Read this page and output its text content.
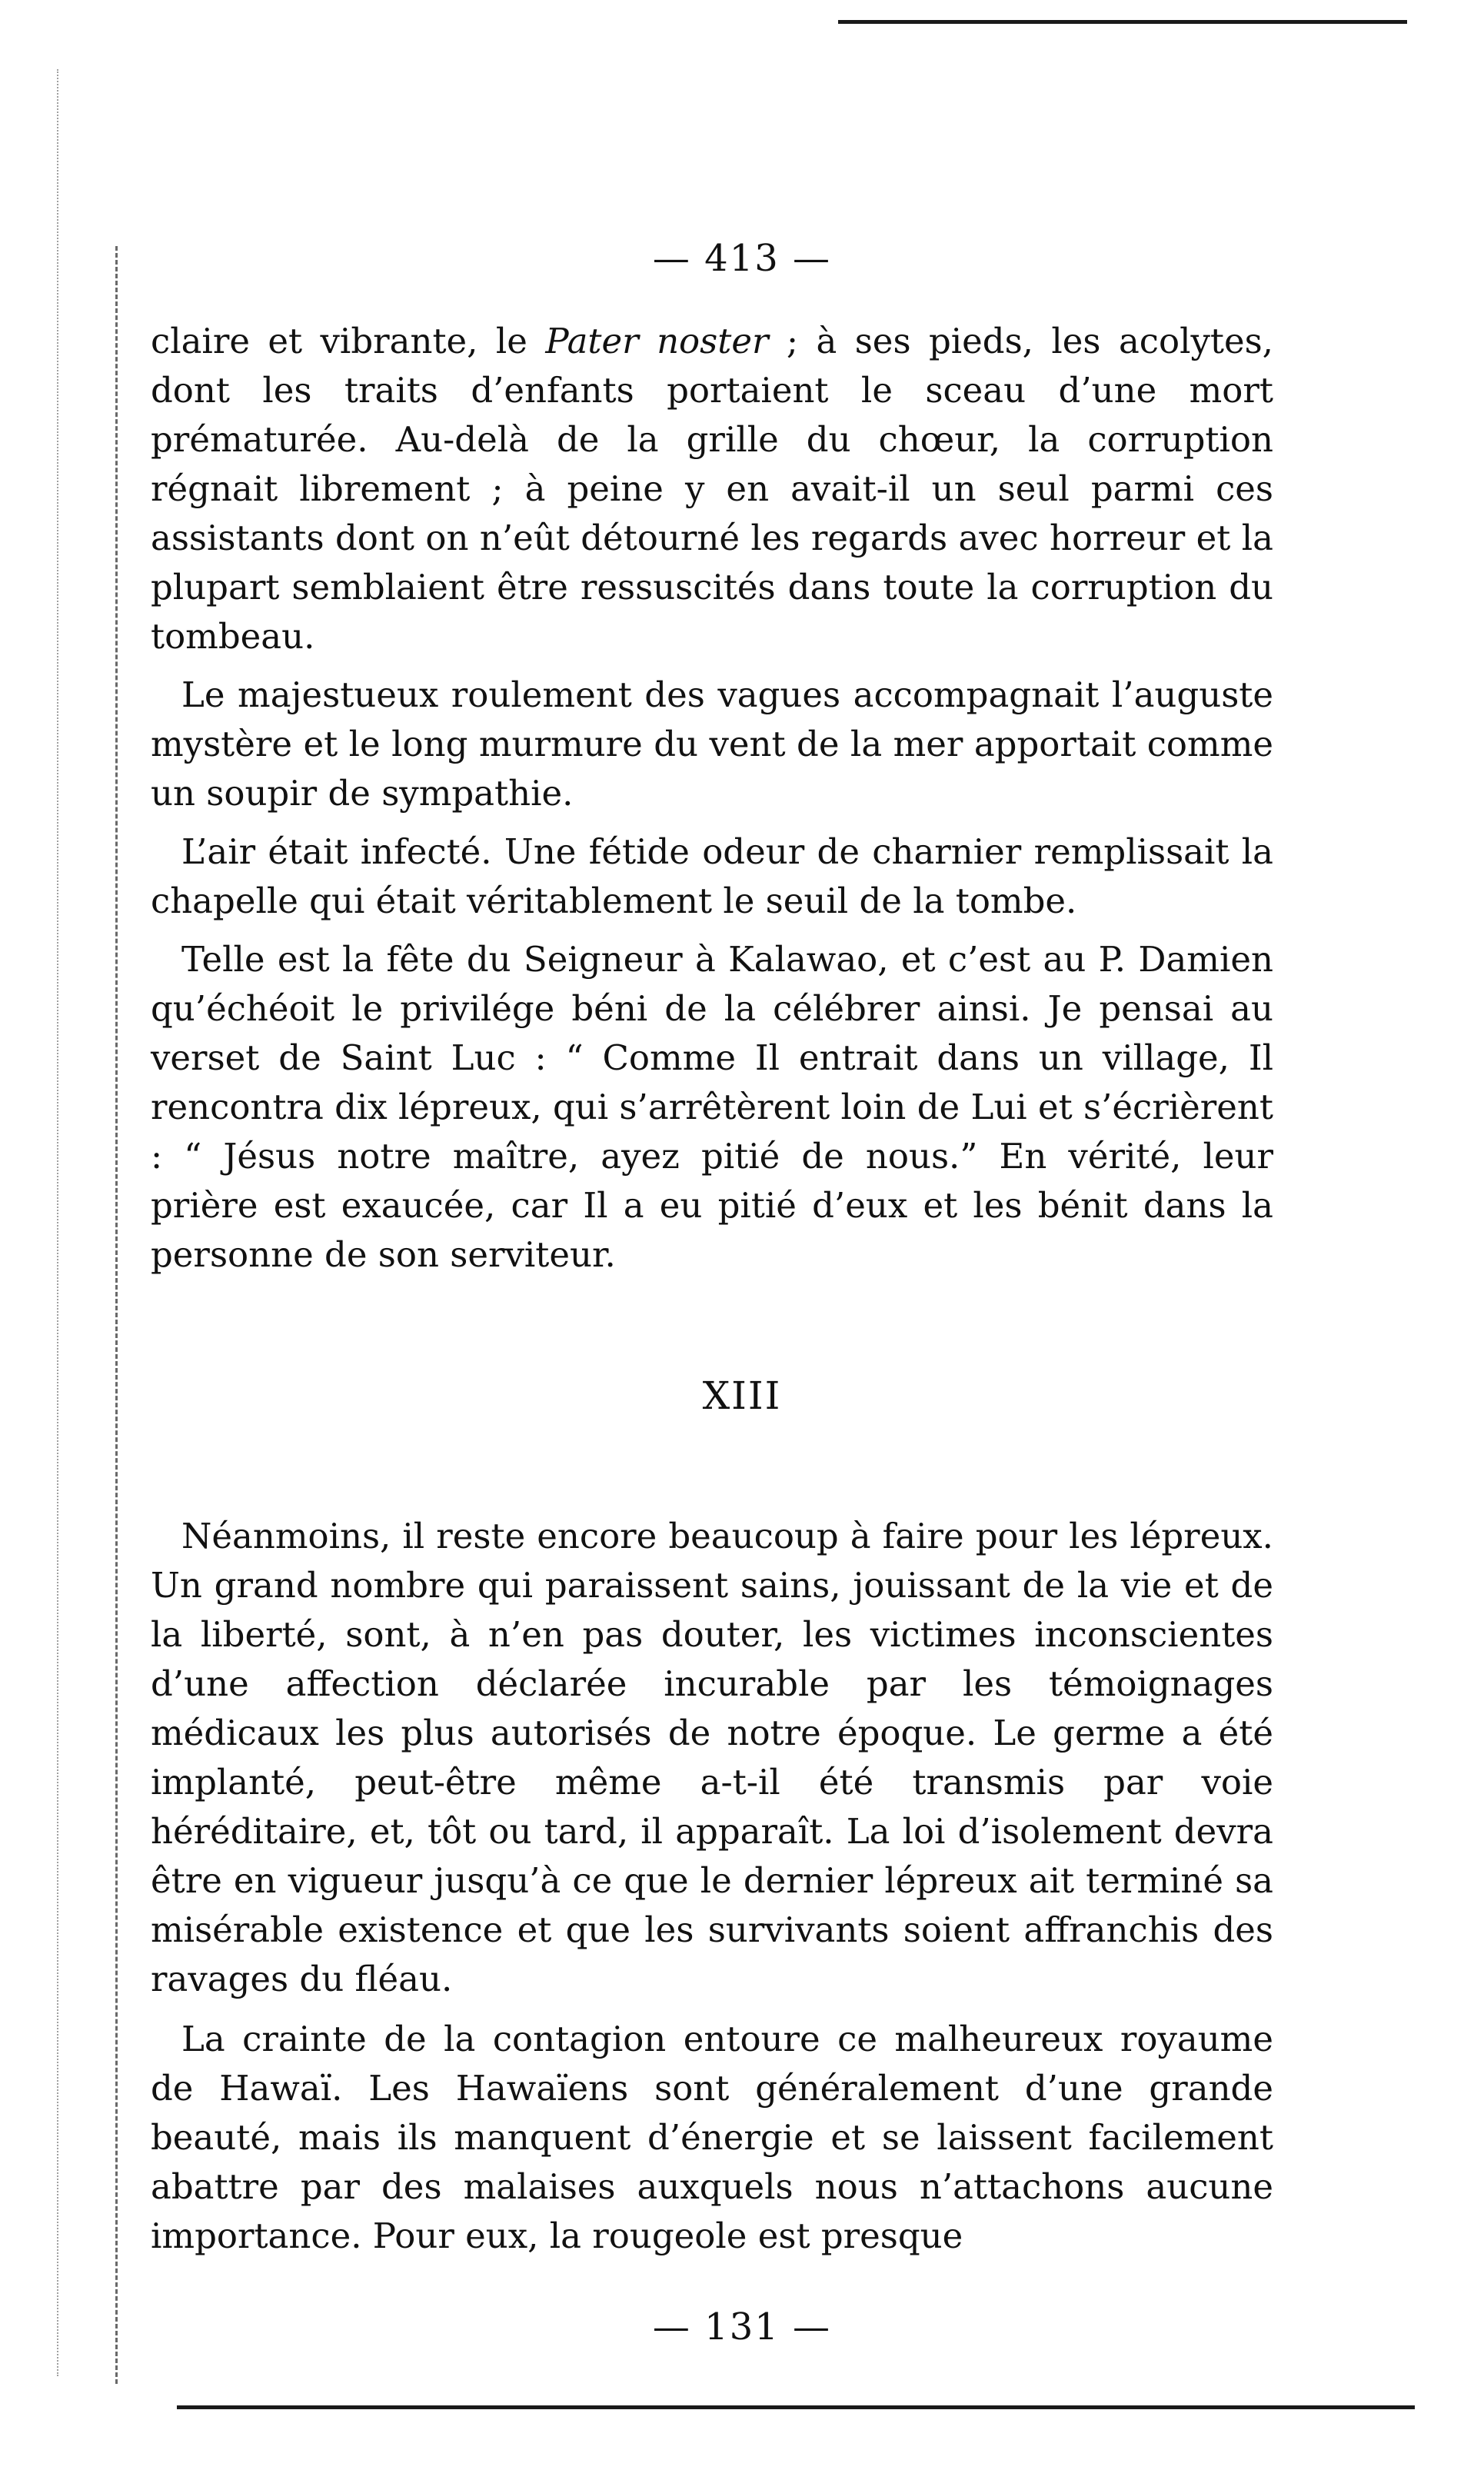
— 413 —

claire et vibrante, le Pater noster ; à ses pieds, les acolytes, dont les traits d’enfants portaient le sceau d’une mort prématurée. Au-delà de la grille du chœur, la corruption régnait librement ; à peine y en avait-il un seul parmi ces assistants dont on n’eût détourné les regards avec horreur et la plupart semblaient être ressuscités dans toute la corruption du tombeau.

Le majestueux roulement des vagues accompagnait l’auguste mystère et le long murmure du vent de la mer apportait comme un soupir de sympathie.

L’air était infecté. Une fétide odeur de charnier remplissait la chapelle qui était véritablement le seuil de la tombe.

Telle est la fête du Seigneur à Kalawao, et c’est au P. Damien qu’échéoit le privilége béni de la célébrer ainsi. Je pensai au verset de Saint Luc : “ Comme Il entrait dans un village, Il rencontra dix lépreux, qui s’arrêtèrent loin de Lui et s’écrièrent : “ Jésus notre maître, ayez pitié de nous.” En vérité, leur prière est exaucée, car Il a eu pitié d’eux et les bénit dans la personne de son serviteur.

XIII

Néanmoins, il reste encore beaucoup à faire pour les lépreux. Un grand nombre qui paraissent sains, jouissant de la vie et de la liberté, sont, à n’en pas douter, les victimes inconscientes d’une affection déclarée incurable par les témoignages médicaux les plus autorisés de notre époque. Le germe a été implanté, peut-être même a-t-il été transmis par voie héréditaire, et, tôt ou tard, il apparaît. La loi d’isolement devra être en vigueur jusqu’à ce que le dernier lépreux ait terminé sa misérable existence et que les survivants soient affranchis des ravages du fléau.

La crainte de la contagion entoure ce malheureux royaume de Hawaï. Les Hawaïens sont généralement d’une grande beauté, mais ils manquent d’énergie et se laissent facilement abattre par des malaises auxquels nous n’attachons aucune importance. Pour eux, la rougeole est presque

— 131 —
